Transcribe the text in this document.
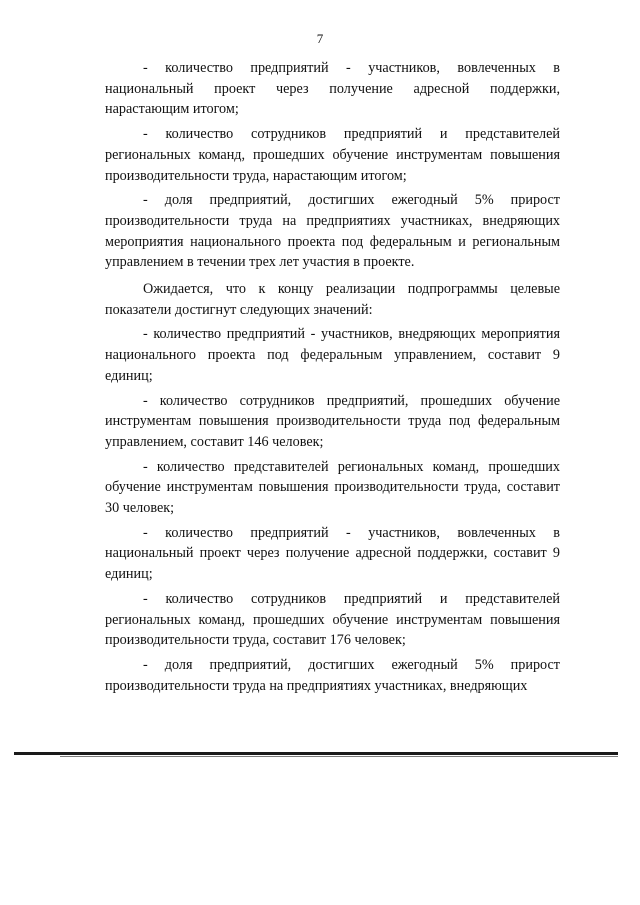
7

- количество предприятий - участников, вовлеченных в национальный проект через получение адресной поддержки, нарастающим итогом;

- количество сотрудников предприятий и представителей региональных команд, прошедших обучение инструментам повышения производительности труда, нарастающим итогом;

- доля предприятий, достигших ежегодный 5% прирост производительности труда на предприятиях участниках, внедряющих мероприятия национального проекта под федеральным и региональным управлением в течении трех лет участия в проекте.

Ожидается, что к концу реализации подпрограммы целевые показатели достигнут следующих значений:

- количество предприятий - участников, внедряющих мероприятия национального проекта под федеральным управлением, составит 9 единиц;

- количество сотрудников предприятий, прошедших обучение инструментам повышения производительности труда под федеральным управлением, составит 146 человек;

- количество представителей региональных команд, прошедших обучение инструментам повышения производительности труда, составит 30 человек;

- количество предприятий - участников, вовлеченных в национальный проект через получение адресной поддержки, составит 9 единиц;

- количество сотрудников предприятий и представителей региональных команд, прошедших обучение инструментам повышения производительности труда, составит 176 человек;

- доля предприятий, достигших ежегодный 5% прирост производительности труда на предприятиях участниках, внедряющих
